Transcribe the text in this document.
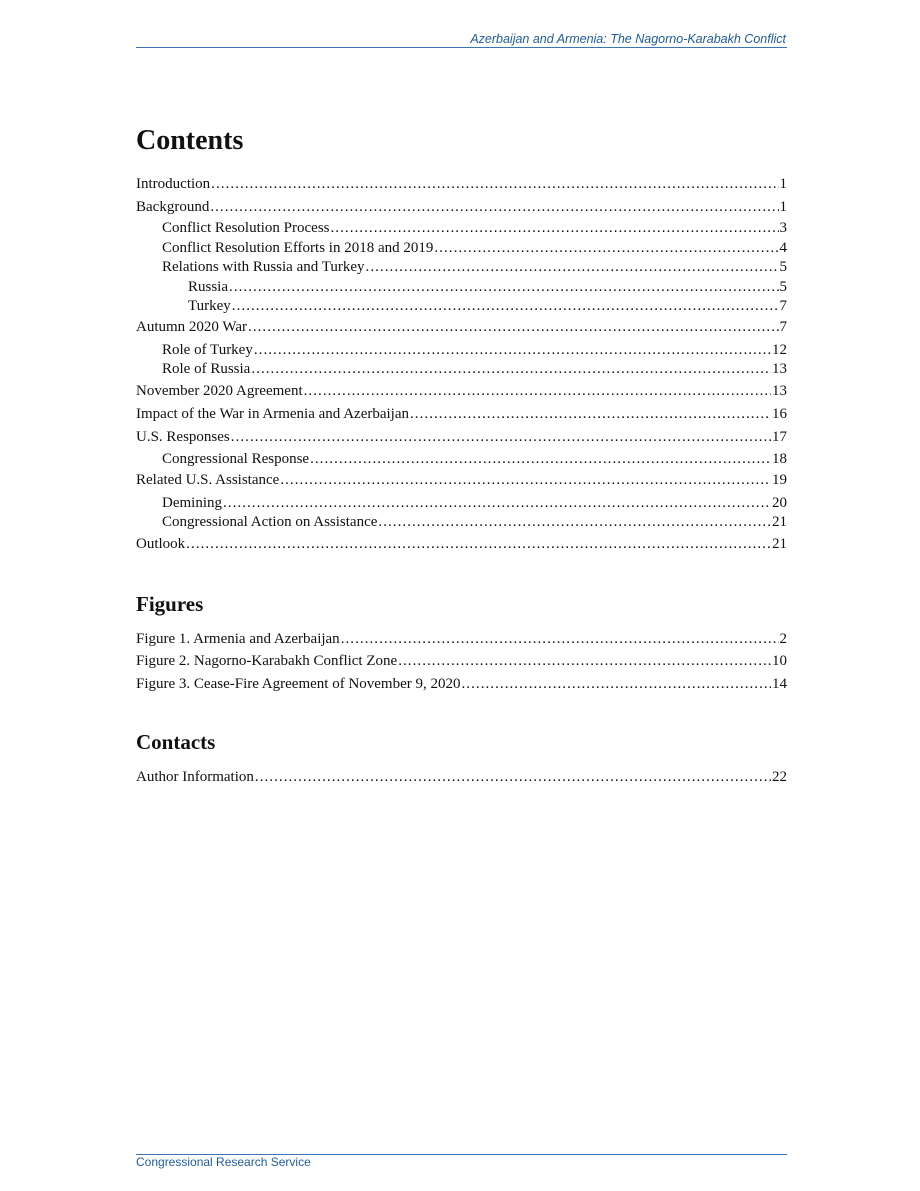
Azerbaijan and Armenia: The Nagorno-Karabakh Conflict
Contents
Introduction . . .	1
Background . . .	1
Conflict Resolution Process . . .	3
Conflict Resolution Efforts in 2018 and 2019 . . .	4
Relations with Russia and Turkey . . .	5
Russia . . .	5
Turkey . . .	7
Autumn 2020 War . . .	7
Role of Turkey . . .	12
Role of Russia . . .	13
November 2020 Agreement . . .	13
Impact of the War in Armenia and Azerbaijan . . .	16
U.S. Responses . . .	17
Congressional Response . . .	18
Related U.S. Assistance . . .	19
Demining . . .	20
Congressional Action on Assistance . . .	21
Outlook . . .	21
Figures
Figure 1. Armenia and Azerbaijan . . .	2
Figure 2. Nagorno-Karabakh Conflict Zone . . .	10
Figure 3. Cease-Fire Agreement of November 9, 2020 . . .	14
Contacts
Author Information . . .	22
Congressional Research Service
